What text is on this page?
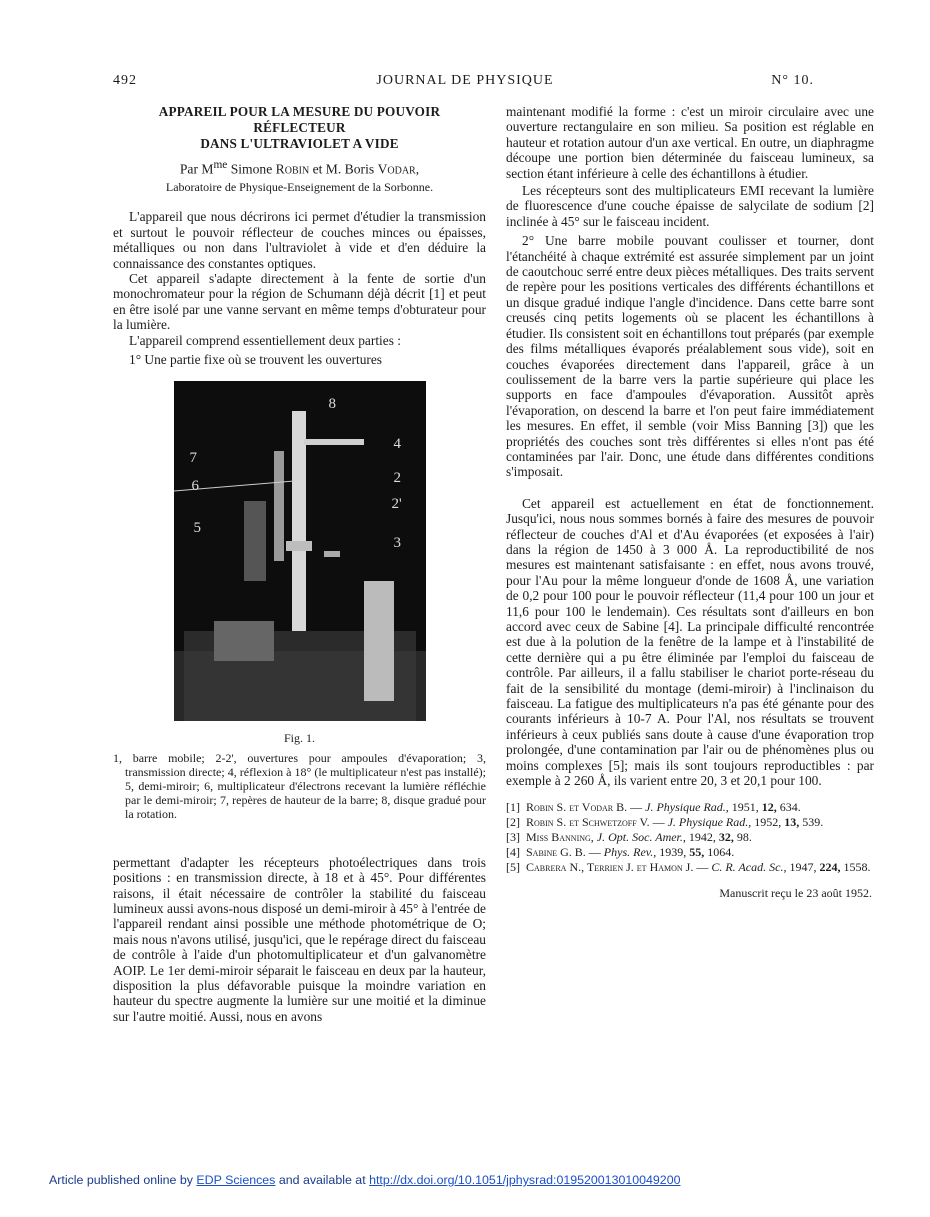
492	JOURNAL DE PHYSIQUE	N° 10.

APPAREIL POUR LA MESURE DU POUVOIR RÉFLECTEUR

DANS L'ULTRAVIOLET A VIDE

Par $M^{me}$ Simone Robin et M. Boris Vodar,

Laboratoire de Physique-Enseignement de la Sorbonne.

L'appareil que nous décrirons ici permet d'étudier la transmission et surtout le pouvoir réflecteur de couches minces ou épaisses, métalliques ou non dans l'ultraviolet à vide et d'en déduire la connaissance des constantes optiques.

Cet appareil s'adapte directement à la fente de sortie d'un monochromateur pour la région de Schumann déjà décrit [1] et peut en être isolé par une vanne servant en même temps d'obturateur pour la lumière.

L'appareil comprend essentiellement deux parties :

1° Une partie fixe où se trouvent les ouvertures

8
7
6
5
4
2
2'
3

Fig. 1.

1, barre mobile; 2-2', ouvertures pour ampoules d'évaporation; 3, transmission directe; 4, réflexion à 18° (le multiplicateur n'est pas installé); 5, demi-miroir; 6, multiplicateur d'électrons recevant la lumière réfléchie par le demi-miroir; 7, repères de hauteur de la barre; 8, disque gradué pour la rotation.

permettant d'adapter les récepteurs photoélectriques dans trois positions : en transmission directe, à 18 et à 45°. Pour différentes raisons, il était nécessaire de contrôler la stabilité du faisceau lumineux aussi avons-nous disposé un demi-miroir à 45° à l'entrée de l'appareil rendant ainsi possible une méthode photométrique de O; mais nous n'avons utilisé, jusqu'ici, que le repérage direct du faisceau de contrôle à l'aide d'un photomultiplicateur et d'un galvanomètre AOIP. Le 1er demi-miroir séparait le faisceau en deux par la hauteur, disposition la plus défavorable puisque la moindre variation en hauteur du spectre augmente la lumière sur une moitié et la diminue sur l'autre moitié. Aussi, nous en avons

maintenant modifié la forme : c'est un miroir circulaire avec une ouverture rectangulaire en son milieu. Sa position est réglable en hauteur et rotation autour d'un axe vertical. En outre, un diaphragme découpe une portion bien déterminée du faisceau lumineux, sa section étant inférieure à celle des échantillons à étudier.

Les récepteurs sont des multiplicateurs EMI recevant la lumière de fluorescence d'une couche épaisse de salycilate de sodium [2] inclinée à 45° sur le faisceau incident.

2° Une barre mobile pouvant coulisser et tourner, dont l'étanchéité à chaque extrémité est assurée simplement par un joint de caoutchouc serré entre deux pièces métalliques. Des traits servent de repère pour les positions verticales des différents échantillons et un disque gradué indique l'angle d'incidence. Dans cette barre sont creusés cinq petits logements où se placent les échantillons à étudier. Ils consistent soit en échantillons tout préparés (par exemple des films métalliques évaporés préalablement sous vide), soit en couches évaporées directement dans l'appareil, grâce à un coulissement de la barre vers la partie supérieure qui place les supports en face d'ampoules d'évaporation. Aussitôt après l'évaporation, on descend la barre et l'on peut faire immédiatement les mesures. En effet, il semble (voir Miss Banning [3]) que les propriétés des couches sont très différentes si elles n'ont pas été contaminées par l'air. Donc, une étude dans différentes conditions s'imposait.

Cet appareil est actuellement en état de fonctionnement. Jusqu'ici, nous nous sommes bornés à faire des mesures de pouvoir réflecteur de couches d'Al et d'Au évaporées (et exposées à l'air) dans la région de 1450 à 3 000 Å. La reproductibilité de nos mesures est maintenant satisfaisante : en effet, nous avons trouvé, pour l'Au pour la même longueur d'onde de 1608 Å, une variation de 0,2 pour 100 pour le pouvoir réflecteur (11,4 pour 100 un jour et 11,6 pour 100 le lendemain). Ces résultats sont d'ailleurs en bon accord avec ceux de Sabine [4]. La principale difficulté rencontrée est due à la polution de la fenêtre de la lampe et à l'instabilité de cette dernière qui a pu être éliminée par l'emploi du faisceau de contrôle. Par ailleurs, il a fallu stabiliser le chariot porte-réseau du fait de la sensibilité du montage (demi-miroir) à l'inclinaison du faisceau. La fatigue des multiplicateurs n'a pas été génante pour des courants inférieurs à 10-7 A. Pour l'Al, nos résultats se trouvent inférieurs à ceux publiés sans doute à cause d'une évaporation trop prolongée, d'une contamination par l'air ou de phénomènes plus ou moins complexes [5]; mais ils sont toujours reproductibles : par exemple à 2 260 Å, ils varient entre 20, 3 et 20,1 pour 100.

[1] Robin S. et Vodar B. — J. Physique Rad., 1951, 12, 634.
[2] Robin S. et Schwetzoff V. — J. Physique Rad., 1952, 13, 539.
[3] Miss Banning, J. Opt. Soc. Amer., 1942, 32, 98.
[4] Sabine G. B. — Phys. Rev., 1939, 55, 1064.
[5] Cabrera N., Terrien J. et Hamon J. — C. R. Acad. Sc., 1947, 224, 1558.

Manuscrit reçu le 23 août 1952.

Article published online by EDP Sciences and available at http://dx.doi.org/10.1051/jphysrad:019520013010049200
